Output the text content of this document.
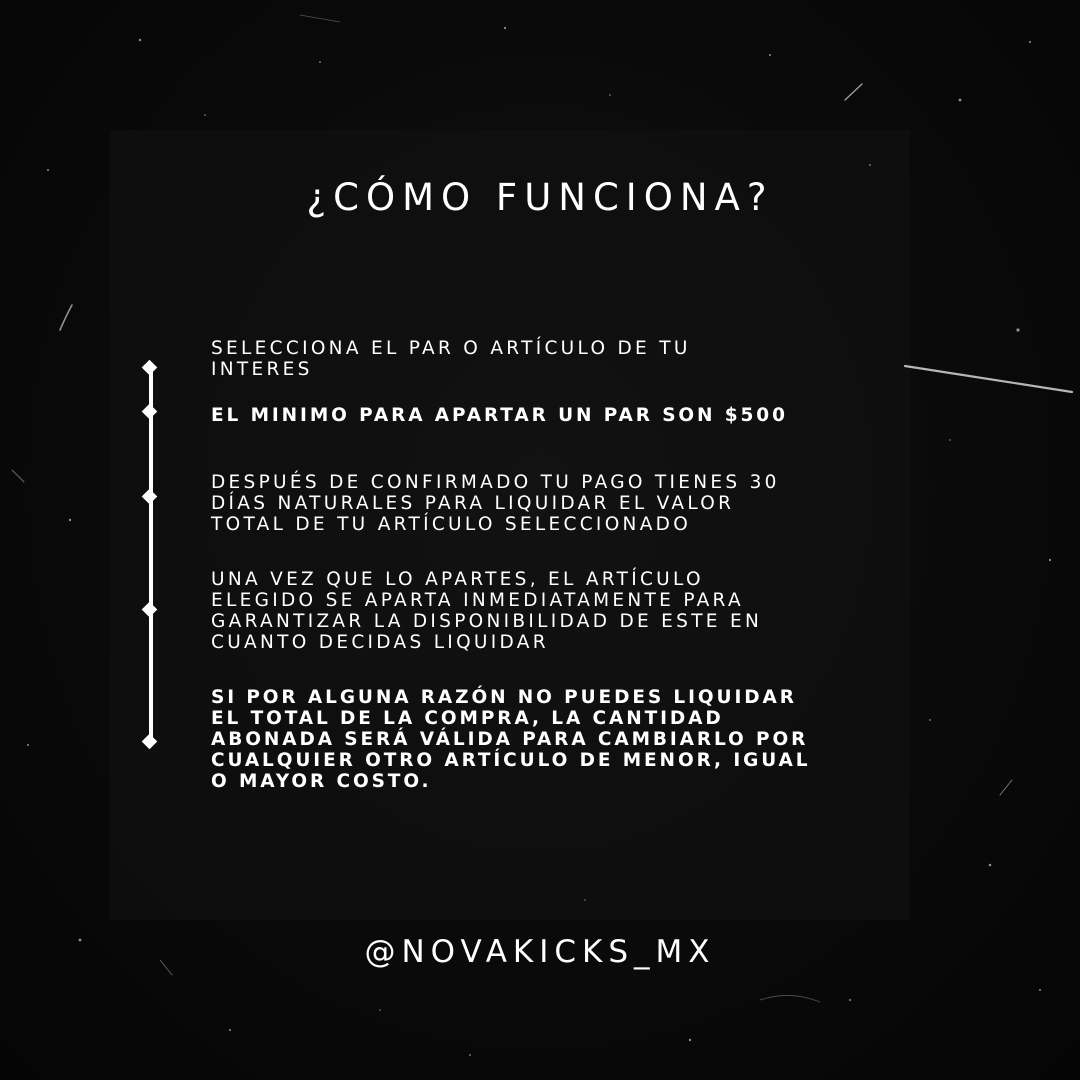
¿CÓMO FUNCIONA?

SELECCIONA EL PAR O ARTÍCULO DE TU
INTERES

EL MINIMO PARA APARTAR UN PAR SON $500

DESPUÉS DE CONFIRMADO TU PAGO TIENES 30
DÍAS NATURALES PARA LIQUIDAR EL VALOR
TOTAL DE TU ARTÍCULO SELECCIONADO

UNA VEZ QUE LO APARTES, EL ARTÍCULO
ELEGIDO SE APARTA INMEDIATAMENTE PARA
GARANTIZAR LA DISPONIBILIDAD DE ESTE EN
CUANTO DECIDAS LIQUIDAR

SI POR ALGUNA RAZÓN NO PUEDES LIQUIDAR
EL TOTAL DE LA COMPRA, LA CANTIDAD
ABONADA SERÁ VÁLIDA PARA CAMBIARLO POR
CUALQUIER OTRO ARTÍCULO DE MENOR, IGUAL
O MAYOR COSTO.

@NOVAKICKS_MX
